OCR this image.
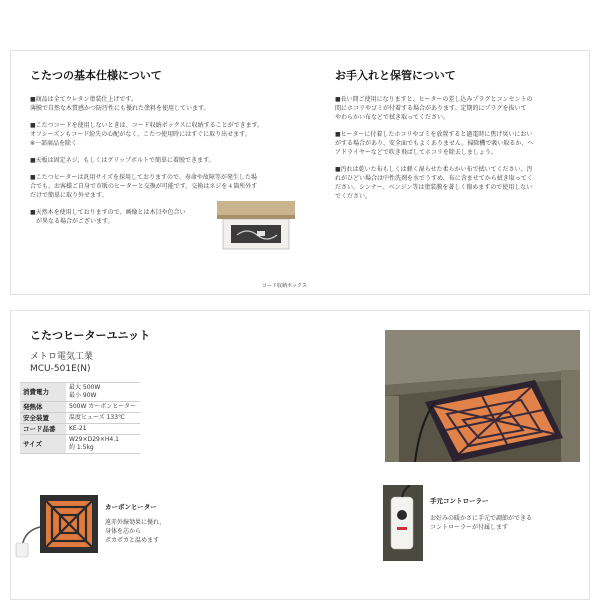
こたつの基本仕様について
■商品は全てウレタン塗装仕上げです。
薄膜で自然な木質感かつ防汚性にも優れた塗料を使用しています。
■こたつコードを使用しないときは、コード収納ボックスに収納することができます。
オフシーズンもコード紛失の心配がなく、こたつ使用時にはすぐに取り出せます。
※一部商品を除く
■天板は固定ネジ、もしくはグリップボルトで簡単に着脱できます。
■こたつヒーターは汎用サイズを採用しておりますので、寿命や故障等が発生した場
合でも、お客様ご自身で市販のヒーターと交換が可能です。交換はネジを４箇所外す
だけで簡単に取り外せます。
■天然木を使用しておりますので、画像とは木目や色合い
　が異なる場合がございます。
コード収納ボックス
お手入れと保管について
■長い間ご使用になりますと、ヒーターの差し込みプラグとコンセントの
間にホコリやゴミが付着する場合があります。定期的にプラグを抜いて
やわらかい布などで拭き取ってください。
■ヒーターに付着したホコリやゴミを放置すると過電時に焦げ臭いにおい
がする場合があり、安全面でもよくありません。掃除機で吸い取るか、ヘ
アドライヤーなどで吹き飛ばしてホコリを除去しましょう。
■汚れは乾いた布もしくは軽く湿らせた柔らかい布で拭いてください。汚
れがひどい場合は中性洗剤を水でうすめ、布に含ませてから拭き取ってく
ださい。シンナー、ベンジン等は塗装膜を著しく傷めますので使用しない
でください。
こたつヒーターユニット
メトロ電気工業
MCU-501E(N)
消費電力	最大 500W
最小 90W

発熱体	500W カーボンヒーター

安全装置	温度ヒューズ 133℃

コード品番	KE-21

サイズ	W29×D29×H4.1
約 1.5kg
カーボンヒーター
遠赤外線効果に優れ、
身体を芯から
ポカポカと温めます
手元コントローラー
お好みの暖かさに手元で調節ができる
コントローラーが付属します
